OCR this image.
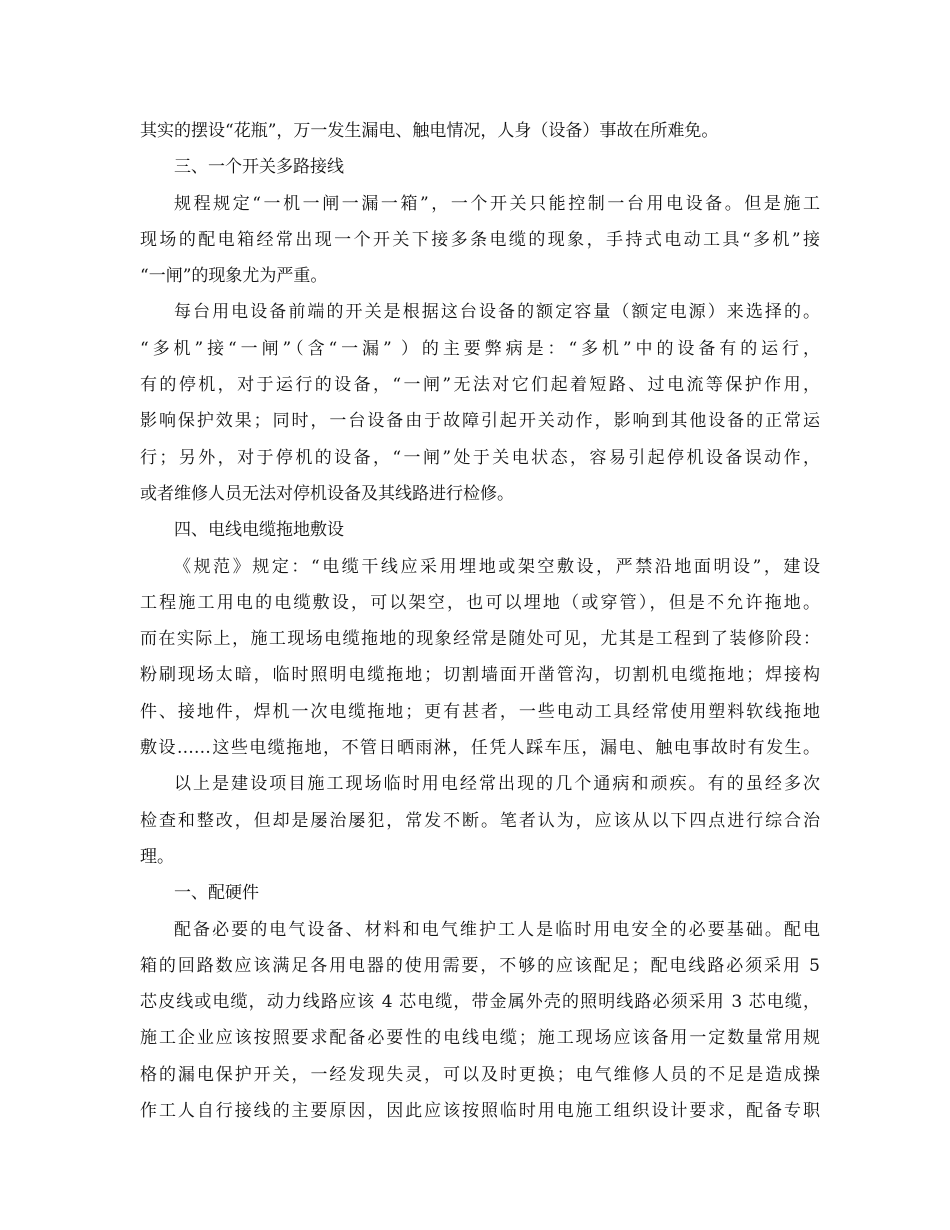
其实的摆设“花瓶”，万一发生漏电、触电情况，人身（设备）事故在所难免。
三、一个开关多路接线
规程规定“一机一闸一漏一箱”，一个开关只能控制一台用电设备。但是施工
现场的配电箱经常出现一个开关下接多条电缆的现象，手持式电动工具“多机”接
“一闸”的现象尤为严重。
每台用电设备前端的开关是根据这台设备的额定容量（额定电源）来选择的。
“多机”接“一闸”（含“一漏” ）的主要弊病是：“多机”中的设备有的运行，
有的停机，对于运行的设备，“一闸”无法对它们起着短路、过电流等保护作用，
影响保护效果；同时，一台设备由于故障引起开关动作，影响到其他设备的正常运
行；另外，对于停机的设备，“一闸”处于关电状态，容易引起停机设备误动作，
或者维修人员无法对停机设备及其线路进行检修。
四、电线电缆拖地敷设
《规范》规定：“电缆干线应采用埋地或架空敷设，严禁沿地面明设”，建设
工程施工用电的电缆敷设，可以架空，也可以埋地（或穿管），但是不允许拖地。
而在实际上，施工现场电缆拖地的现象经常是随处可见，尤其是工程到了装修阶段：
粉刷现场太暗，临时照明电缆拖地；切割墙面开凿管沟，切割机电缆拖地；焊接构
件、接地件，焊机一次电缆拖地；更有甚者，一些电动工具经常使用塑料软线拖地
敷设……这些电缆拖地，不管日晒雨淋，任凭人踩车压，漏电、触电事故时有发生。
以上是建设项目施工现场临时用电经常出现的几个通病和顽疾。有的虽经多次
检查和整改，但却是屡治屡犯，常发不断。笔者认为，应该从以下四点进行综合治
理。
一、配硬件
配备必要的电气设备、材料和电气维护工人是临时用电安全的必要基础。配电
箱的回路数应该满足各用电器的使用需要，不够的应该配足；配电线路必须采用 5
芯皮线或电缆，动力线路应该 4 芯电缆，带金属外壳的照明线路必须采用 3 芯电缆，
施工企业应该按照要求配备必要性的电线电缆；施工现场应该备用一定数量常用规
格的漏电保护开关，一经发现失灵，可以及时更换；电气维修人员的不足是造成操
作工人自行接线的主要原因，因此应该按照临时用电施工组织设计要求，配备专职
